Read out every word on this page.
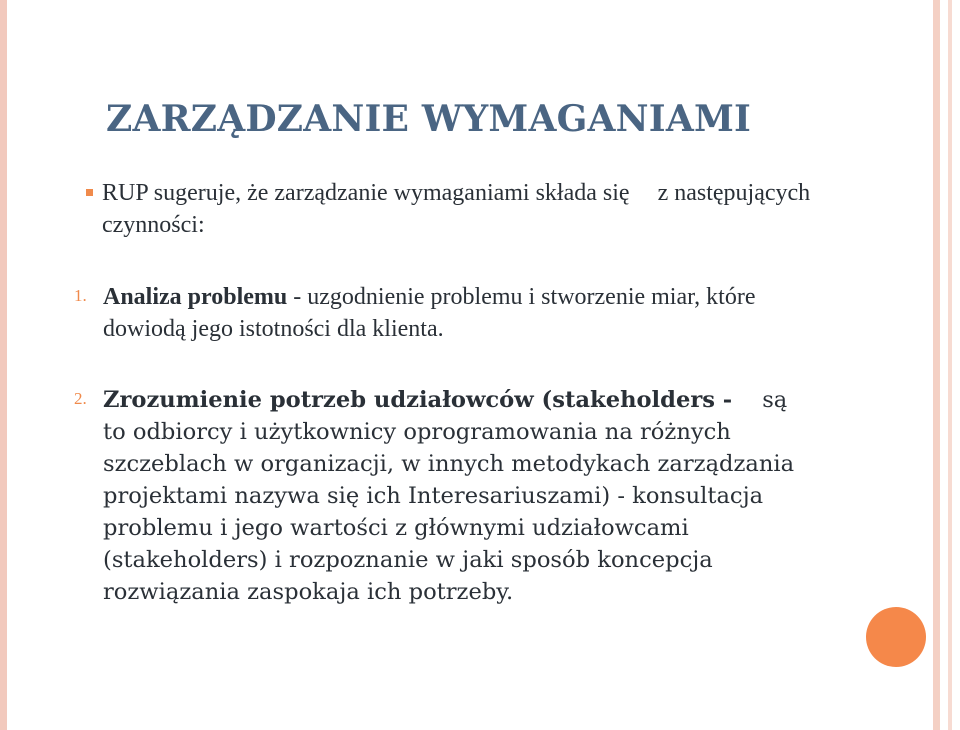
ZARZĄDZANIE WYMAGANIAMI
RUP sugeruje, że zarządzanie wymaganiami składa się z następujących czynności:
1. Analiza problemu - uzgodnienie problemu i stworzenie miar, które dowiodą jego istotności dla klienta.
2. Zrozumienie potrzeb udziałowców (stakeholders - są to odbiorcy i użytkownicy oprogramowania na różnych szczeblach w organizacji, w innych metodykach zarządzania projektami nazywa się ich Interesariuszami) - konsultacja problemu i jego wartości z głównymi udziałowcami (stakeholders) i rozpoznanie w jaki sposób koncepcja rozwiązania zaspokaja ich potrzeby.
